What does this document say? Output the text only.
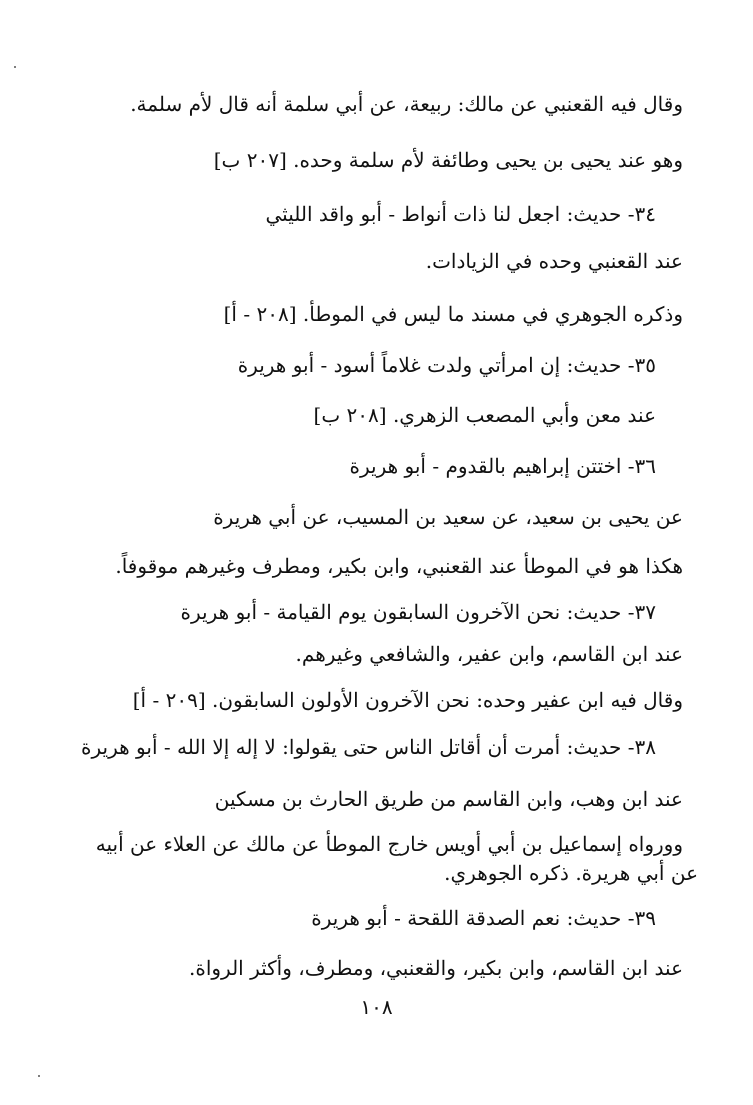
وقال فيه القعنبي عن مالك: ربيعة، عن أبي سلمة أنه قال لأم سلمة.
وهو عند يحيى بن يحيى وطائفة لأم سلمة وحده. [٢٠٧ ب]
٣٤- حديث: اجعل لنا ذات أنواط - أبو واقد الليثي
عند القعنبي وحده في الزيادات.
وذكره الجوهري في مسند ما ليس في الموطأ. [٢٠٨ - أ]
٣٥- حديث: إن امرأتي ولدت غلاماً أسود - أبو هريرة
عند معن وأبي المصعب الزهري. [٢٠٨ ب]
٣٦- اختتن إبراهيم بالقدوم - أبو هريرة
عن يحيى بن سعيد، عن سعيد بن المسيب، عن أبي هريرة
هكذا هو في الموطأ عند القعنبي، وابن بكير، ومطرف وغيرهم موقوفاً.
٣٧- حديث: نحن الآخرون السابقون يوم القيامة - أبو هريرة
عند ابن القاسم، وابن عفير، والشافعي وغيرهم.
وقال فيه ابن عفير وحده: نحن الآخرون الأولون السابقون. [٢٠٩ - أ]
٣٨- حديث: أمرت أن أقاتل الناس حتى يقولوا: لا إله إلا الله - أبو هريرة
عند ابن وهب، وابن القاسم من طريق الحارث بن مسكين
وورواه إسماعيل بن أبي أويس خارج الموطأ عن مالك عن العلاء عن أبيه
عن أبي هريرة. ذكره الجوهري.
٣٩- حديث: نعم الصدقة اللقحة - أبو هريرة
عند ابن القاسم، وابن بكير، والقعنبي، ومطرف، وأكثر الرواة.
١٠٨
